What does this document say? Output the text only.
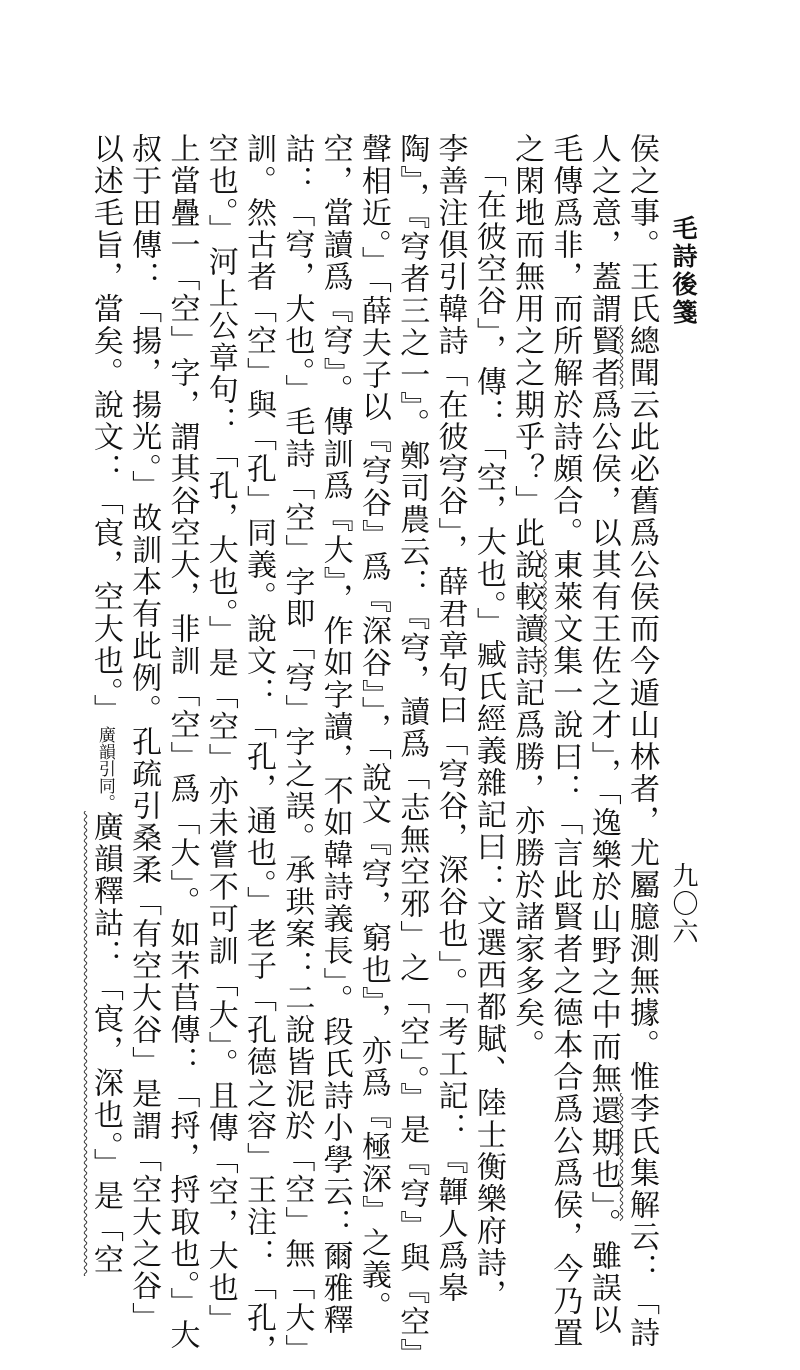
毛詩後箋
侯之事。王氏總聞云此必舊爲公侯而今遁山林者，尤屬臆測無據。惟李氏集解云：「詩
人之意，蓋謂賢者爲公侯，以其有王佐之才」，「逸樂於山野之中而無還期也」。雖誤以
毛傳爲非，而所解於詩頗合。東萊文集一說曰：「言此賢者之德本合爲公爲侯，今乃置
之閑地而無用之之期乎？」此說較讀詩記爲勝，亦勝於諸家多矣。
「在彼空谷」，傳：「空，大也。」臧氏經義雜記曰：文選西都賦、陸士衡樂府詩，
李善注俱引韓詩「在彼穹谷」，薛君章句曰「穹谷，深谷也」。「考工記：『韗人爲皋
陶』，『穹者三之一』。鄭司農云：『穹，讀爲「志無空邪」之「空」。』是『穹』與『空』
聲相近。」「薛夫子以『穹谷』爲『深谷』」，「說文『穹，窮也』，亦爲『極深』之義。
空，當讀爲『穹』。傳訓爲『大』，作如字讀，不如韓詩義長」。段氏詩小學云：爾雅釋
詁：「穹，大也。」毛詩「空」字即「穹」字之誤。承珙案：二說皆泥於「空」無「大」
訓。然古者「空」與「孔」同義。說文：「孔，通也。」老子「孔德之容」王注：「孔，
空也。」河上公章句：「孔，大也。」是「空」亦未嘗不可訓「大」。且傳「空，大也」
上當疊一「空」字，謂其谷空大，非訓「空」爲「大」。如芣苢傳：「捋，捋取也。」大
叔于田傳：「揚，揚光。」故訓本有此例。孔疏引桑柔「有空大谷」是謂「空大之谷」
以述毛旨，當矣。說文：「㝗，空大也。」廣韻引同。廣韻釋詁：「㝗，深也。」是「空	九〇六
